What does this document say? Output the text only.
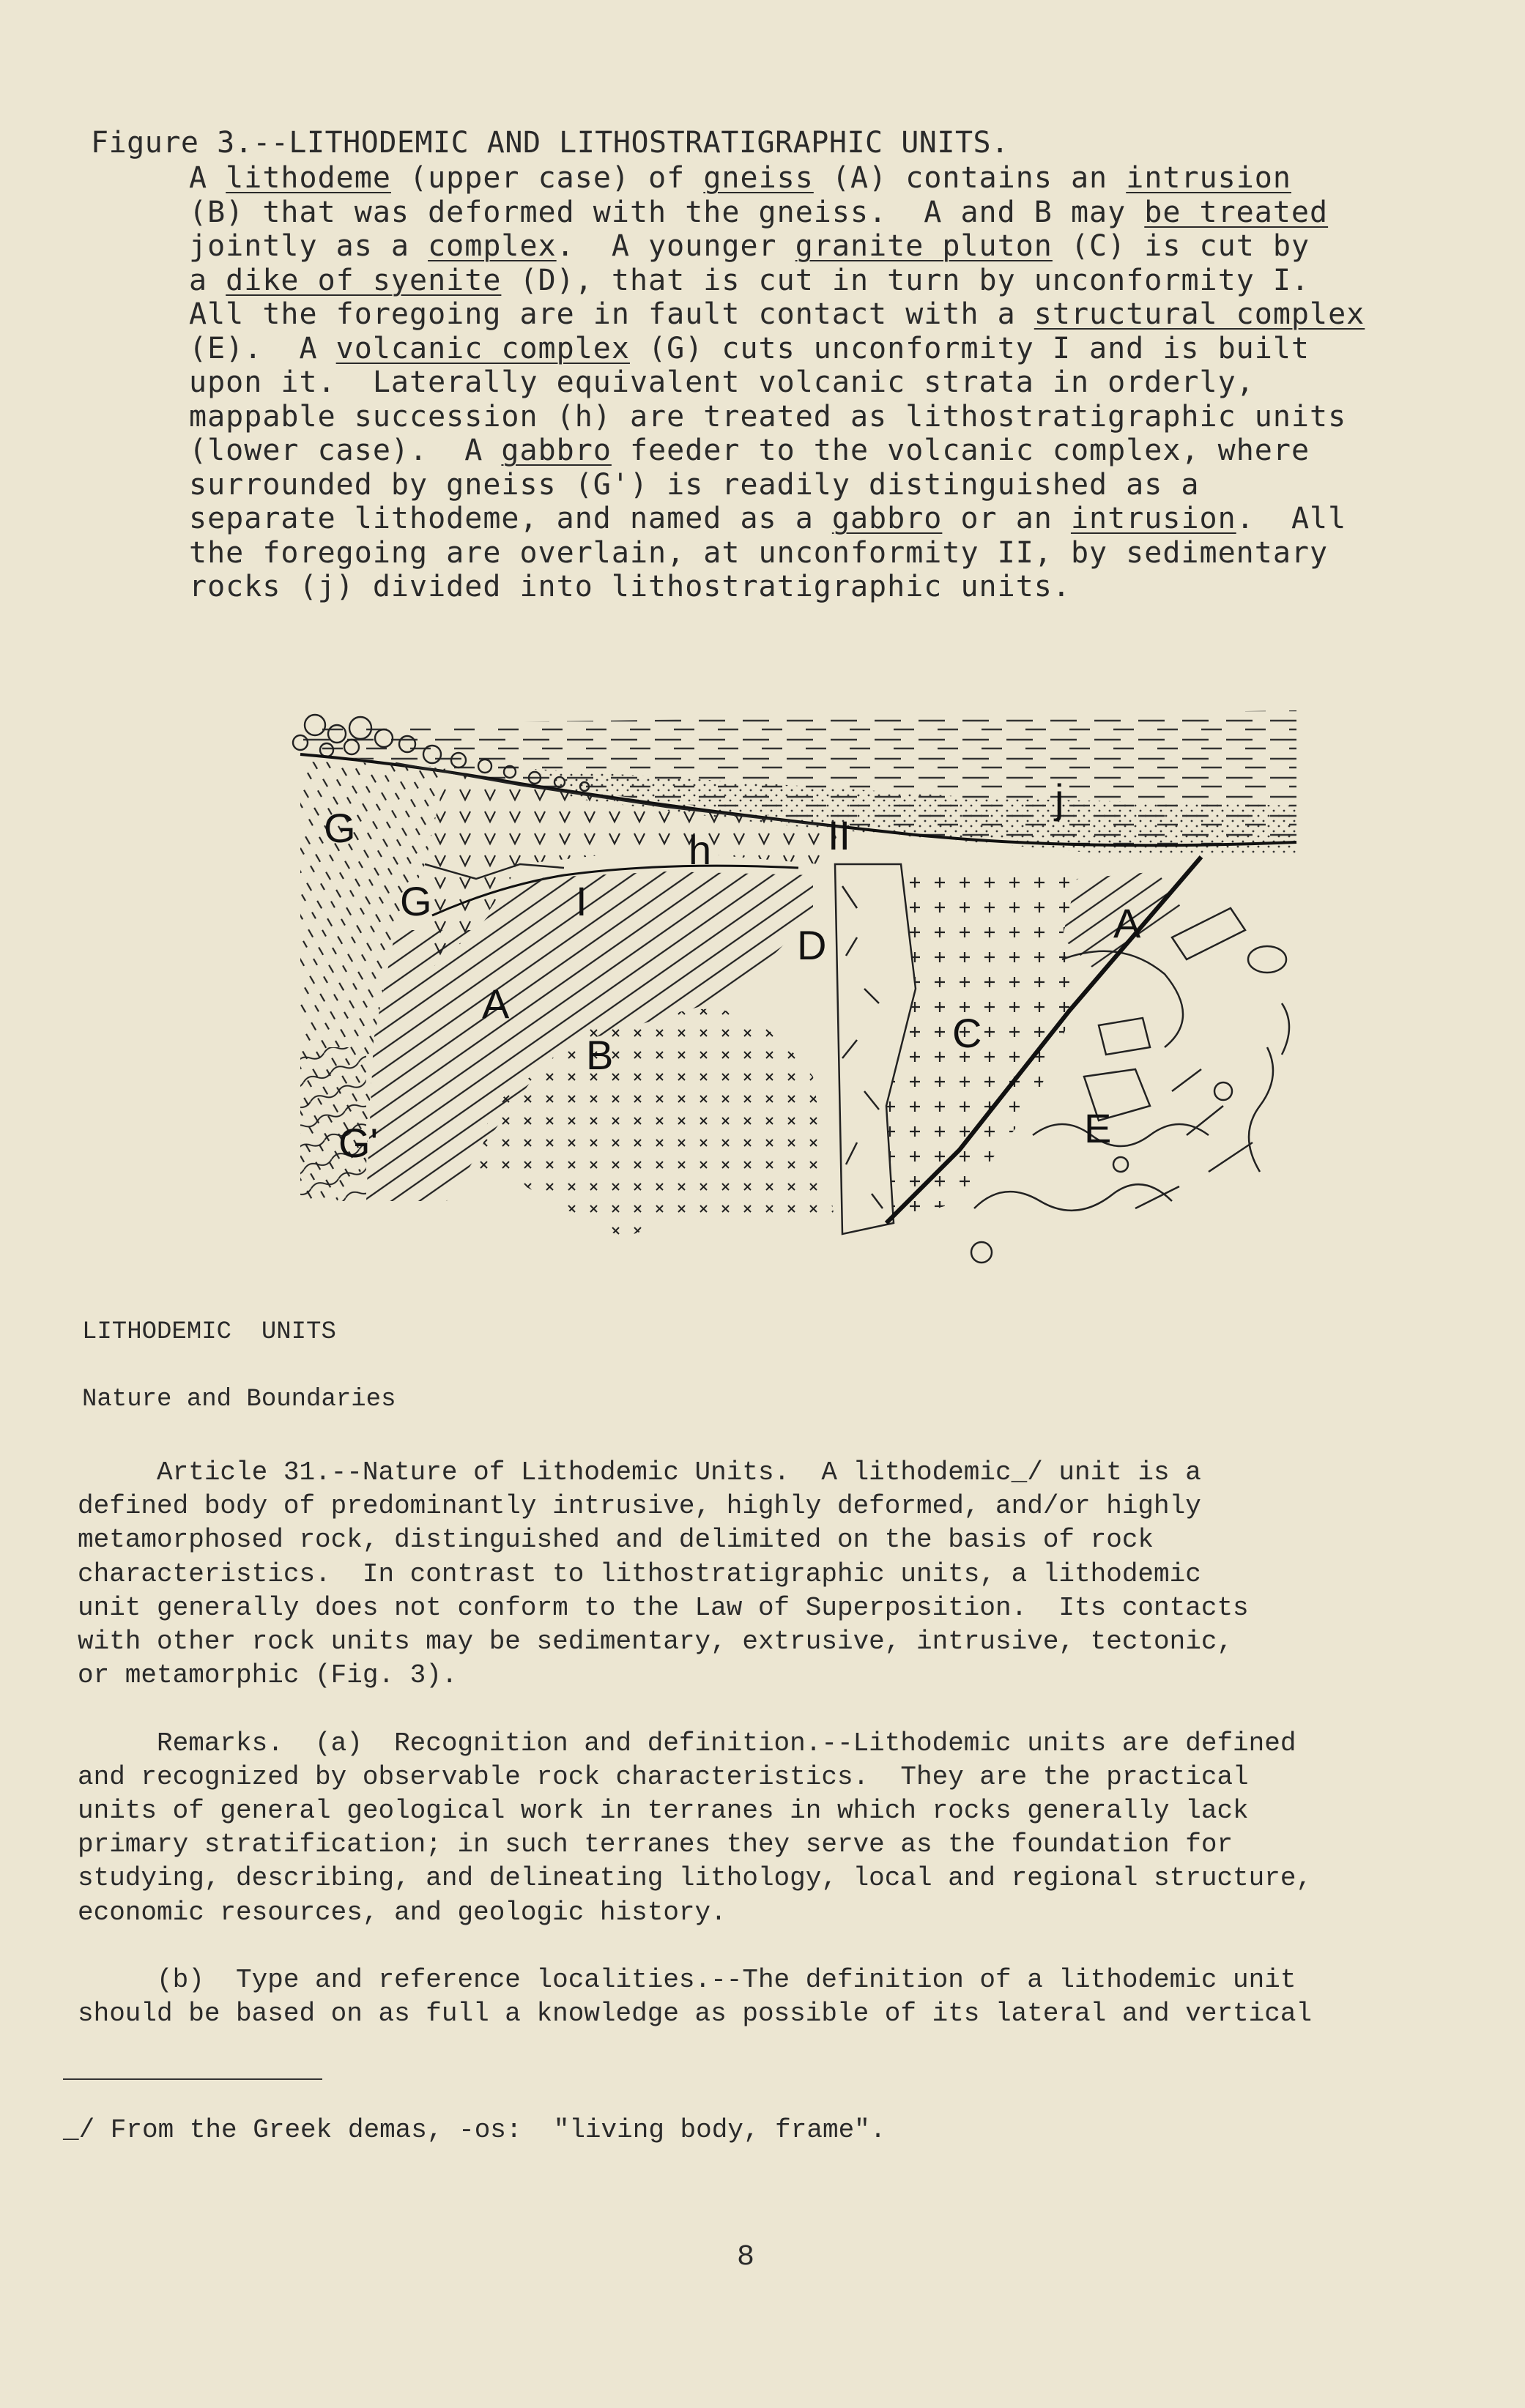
Figure 3.--LITHODEMIC AND LITHOSTRATIGRAPHIC UNITS.
A lithodeme (upper case) of gneiss (A) contains an intrusion
(B) that was deformed with the gneiss.  A and B may be treated
jointly as a complex.  A younger granite pluton (C) is cut by
a dike of syenite (D), that is cut in turn by unconformity I.
All the foregoing are in fault contact with a structural complex
(E).  A volcanic complex (G) cuts unconformity I and is built
upon it.  Laterally equivalent volcanic strata in orderly,
mappable succession (h) are treated as lithostratigraphic units
(lower case).  A gabbro feeder to the volcanic complex, where
surrounded by gneiss (G') is readily distinguished as a
separate lithodeme, and named as a gabbro or an intrusion.  All
the foregoing are overlain, at unconformity II, by sedimentary
rocks (j) divided into lithostratigraphic units.
G
G
G'
h
I
II
j
A
A
B	C
D
E
LITHODEMIC  UNITS
Nature and Boundaries
Article 31.--Nature of Lithodemic Units.  A lithodemic_/ unit is a
defined body of predominantly intrusive, highly deformed, and/or highly
metamorphosed rock, distinguished and delimited on the basis of rock
characteristics.  In contrast to lithostratigraphic units, a lithodemic
unit generally does not conform to the Law of Superposition.  Its contacts
with other rock units may be sedimentary, extrusive, intrusive, tectonic,
or metamorphic (Fig. 3).
Remarks.  (a)  Recognition and definition.--Lithodemic units are defined
and recognized by observable rock characteristics.  They are the practical
units of general geological work in terranes in which rocks generally lack
primary stratification; in such terranes they serve as the foundation for
studying, describing, and delineating lithology, local and regional structure,
economic resources, and geologic history.
(b)  Type and reference localities.--The definition of a lithodemic unit
should be based on as full a knowledge as possible of its lateral and vertical
_/ From the Greek demas, -os:  "living body, frame".
8
